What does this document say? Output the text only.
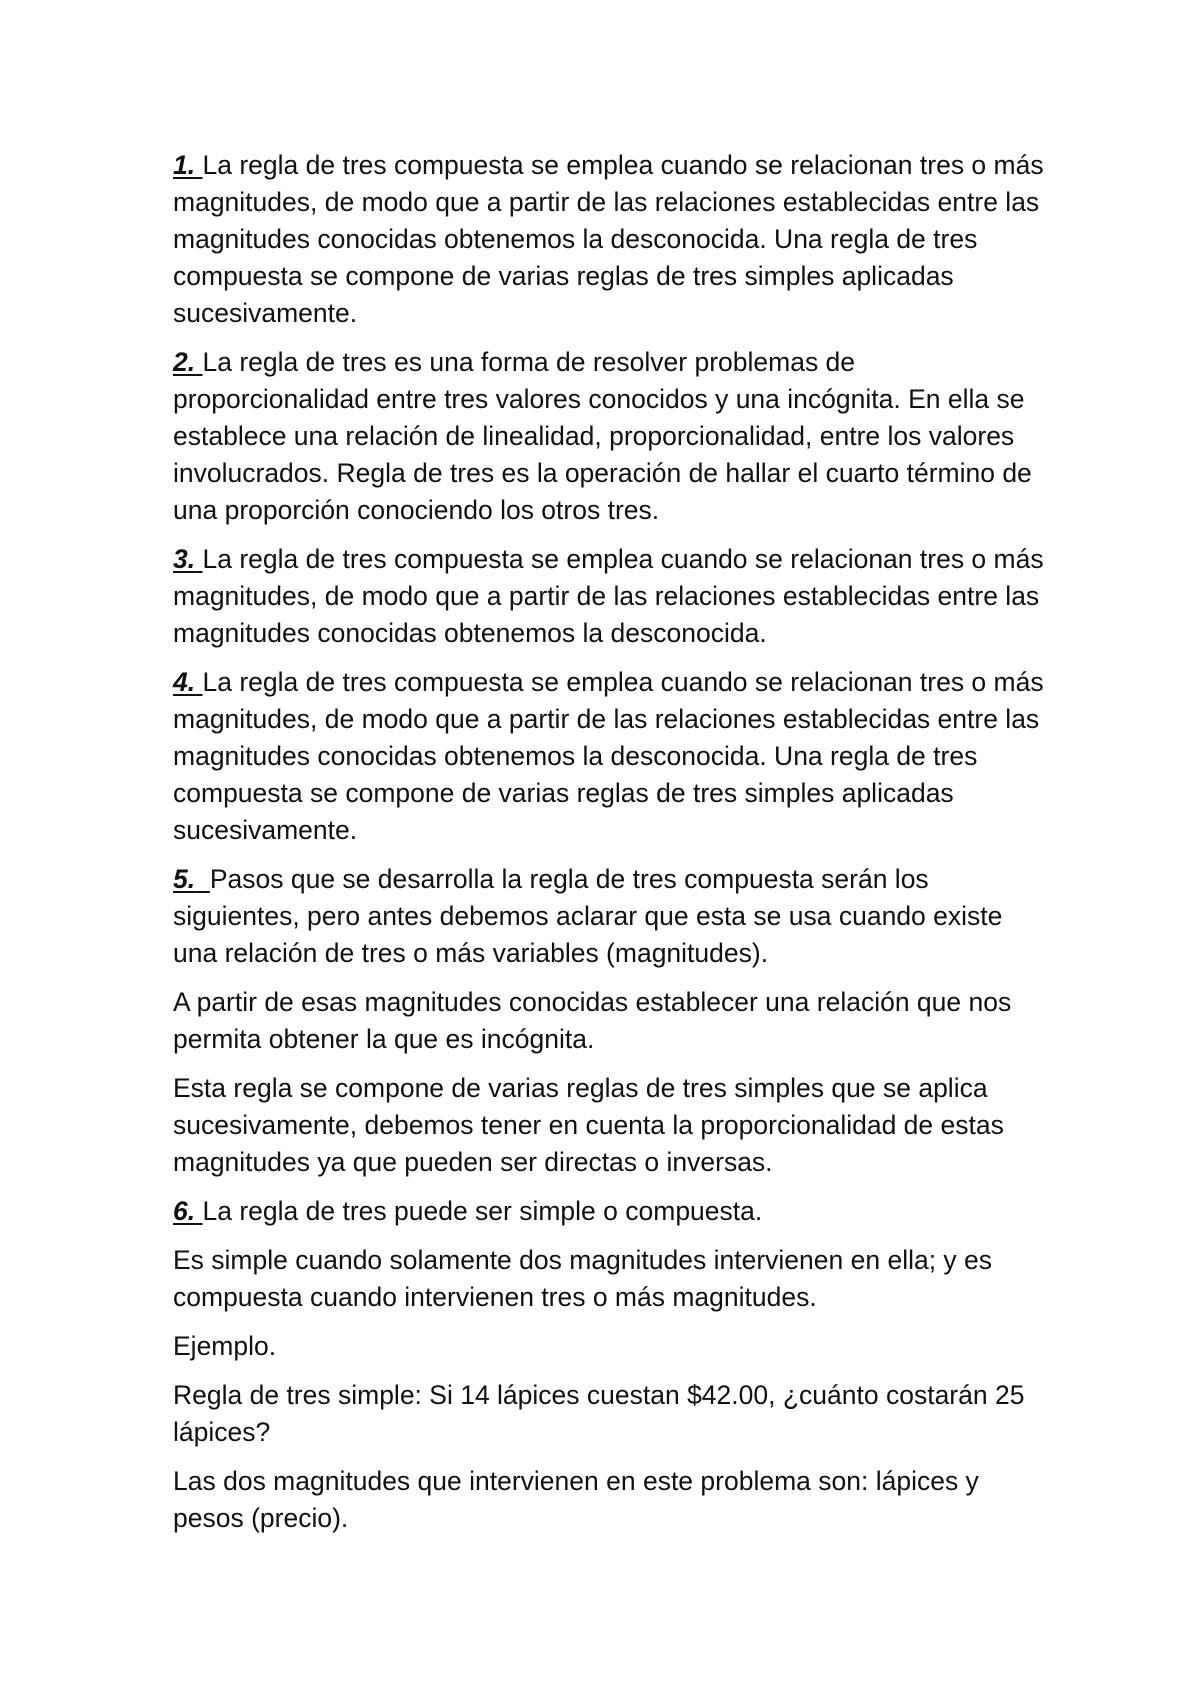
1. La regla de tres compuesta se emplea cuando se relacionan tres o más magnitudes, de modo que a partir de las relaciones establecidas entre las magnitudes conocidas obtenemos la desconocida. Una regla de tres compuesta se compone de varias reglas de tres simples aplicadas sucesivamente.

2. La regla de tres es una forma de resolver problemas de proporcionalidad entre tres valores conocidos y una incógnita. En ella se establece una relación de linealidad, proporcionalidad, entre los valores involucrados. Regla de tres es la operación de hallar el cuarto término de una proporción conociendo los otros tres.

3. La regla de tres compuesta se emplea cuando se relacionan tres o más magnitudes, de modo que a partir de las relaciones establecidas entre las magnitudes conocidas obtenemos la desconocida.

4. La regla de tres compuesta se emplea cuando se relacionan tres o más magnitudes, de modo que a partir de las relaciones establecidas entre las magnitudes conocidas obtenemos la desconocida. Una regla de tres compuesta se compone de varias reglas de tres simples aplicadas sucesivamente.

5. Pasos que se desarrolla la regla de tres compuesta serán los siguientes, pero antes debemos aclarar que esta se usa cuando existe una relación de tres o más variables (magnitudes).

A partir de esas magnitudes conocidas establecer una relación que nos permita obtener la que es incógnita.

Esta regla se compone de varias reglas de tres simples que se aplica sucesivamente, debemos tener en cuenta la proporcionalidad de estas magnitudes ya que pueden ser directas o inversas.

6. La regla de tres puede ser simple o compuesta.

Es simple cuando solamente dos magnitudes intervienen en ella; y es compuesta cuando intervienen tres o más magnitudes.

Ejemplo.

Regla de tres simple: Si 14 lápices cuestan $42.00, ¿cuánto costarán 25 lápices?

Las dos magnitudes que intervienen en este problema son: lápices y pesos (precio).
